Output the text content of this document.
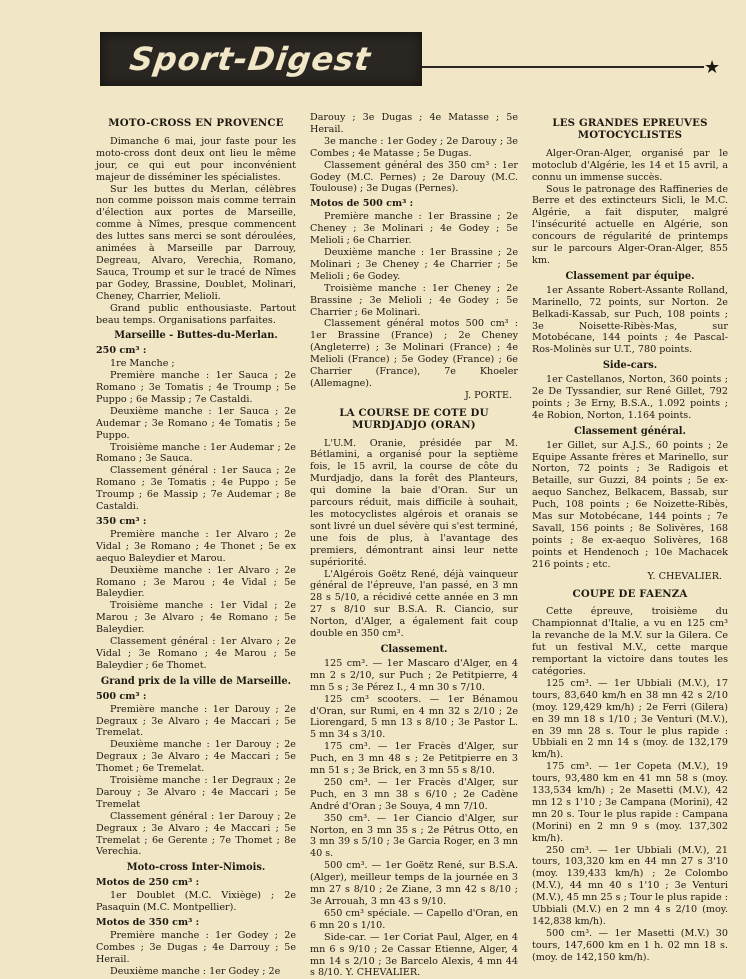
Sport-Digest	★
MOTO-CROSS EN PROVENCE

Dimanche 6 mai, jour faste pour les moto-cross dont deux ont lieu le même jour, ce qui eut pour inconvénient majeur de disséminer les spécialistes.

Sur les buttes du Merlan, célèbres non comme poisson mais comme terrain d'élection aux portes de Marseille, comme à Nîmes, presque commencent des luttes sans merci se sont déroulées, animées à Marseille par Darrouy, Degreau, Alvaro, Verechia, Romano, Sauca, Troump et sur le tracé de Nîmes par Godey, Brassine, Doublet, Molinari, Cheney, Charrier, Melioli.

Grand public enthousiaste. Partout beau temps. Organisations parfaites.

Marseille - Buttes-du-Merlan.
250 cm³ :

1re Manche ;

Première manche : 1er Sauca ; 2e Romano ; 3e Tomatis ; 4e Troump ; 5e Puppo ; 6e Massip ; 7e Castaldi.

Deuxième manche : 1er Sauca ; 2e Audemar ; 3e Romano ; 4e Tomatis ; 5e Puppo.

Troisième manche : 1er Audemar ; 2e Romano ; 3e Sauca.

Classement général : 1er Sauca ; 2e Romano ; 3e Tomatis ; 4e Puppo ; 5e Troump ; 6e Massip ; 7e Audemar ; 8e Castaldi.

350 cm³ :

Première manche : 1er Alvaro ; 2e Vidal ; 3e Romano ; 4e Thonet ; 5e ex aequo Baleydier et Marou.

Deuxième manche : 1er Alvaro ; 2e Romano ; 3e Marou ; 4e Vidal ; 5e Baleydier.

Troisième manche : 1er Vidal ; 2e Marou ; 3e Alvaro ; 4e Romano ; 5e Baleydier.

Classement général : 1er Alvaro ; 2e Vidal ; 3e Romano ; 4e Marou ; 5e Baleydier ; 6e Thomet.

Grand prix de la ville de Marseille.
500 cm³ :

Première manche : 1er Darouy ; 2e Degraux ; 3e Alvaro ; 4e Maccari ; 5e Tremelat.

Deuxième manche : 1er Darouy ; 2e Degraux ; 3e Alvaro ; 4e Maccari ; 5e Thomet ; 6e Tremelat.

Troisième manche : 1er Degraux ; 2e Darouy ; 3e Alvaro ; 4e Maccari ; 5e Tremelat

Classement général : 1er Darouy ; 2e Degraux ; 3e Alvaro ; 4e Maccari ; 5e Tremelat ; 6e Gerente ; 7e Thomet ; 8e Verechia.

Moto-cross Inter-Nimois.
Motos de 250 cm³ :

1er Doublet (M.C. Vixiège) ; 2e Pasaquin (M.C. Montpellier).

Motos de 350 cm³ :

Première manche : 1er Godey ; 2e Combes ; 3e Dugas ; 4e Darrouy ; 5e Herail.

Deuxième manche : 1er Godey ; 2e

Darouy ; 3e Dugas ; 4e Matasse ; 5e Herail.

3e manche : 1er Godey ; 2e Darouy ; 3e Combes ; 4e Matasse ; 5e Dugas.

Classement général des 350 cm³ : 1er Godey (M.C. Pernes) ; 2e Darouy (M.C. Toulouse) ; 3e Dugas (Pernes).

Motos de 500 cm³ :

Première manche : 1er Brassine ; 2e Cheney ; 3e Molinari ; 4e Godey ; 5e Melioli ; 6e Charrier.

Deuxième manche : 1er Brassine ; 2e Molinari ; 3e Cheney ; 4e Charrier ; 5e Melioli ; 6e Godey.

Troisième manche : 1er Cheney ; 2e Brassine ; 3e Melioli ; 4e Godey ; 5e Charrier ; 6e Molinari.

Classement général motos 500 cm³ : 1er Brassine (France) ; 2e Cheney (Angleterre) ; 3e Molinari (France) ; 4e Melioli (France) ; 5e Godey (France) ; 6e Charrier (France), 7e Khoeler (Allemagne).

J. PORTE.

LA COURSE DE COTE DU MURDJADJO (ORAN)

L'U.M. Oranie, présidée par M. Bétlamini, a organisé pour la septième fois, le 15 avril, la course de côte du Murdjadjo, dans la forêt des Planteurs, qui domine la baie d'Oran. Sur un parcours réduit, mais difficile à souhait, les motocyclistes algérois et oranais se sont livré un duel sévère qui s'est terminé, une fois de plus, à l'avantage des premiers, démontrant ainsi leur nette supériorité.

L'Algérois Goëtz René, déjà vainqueur général de l'épreuve, l'an passé, en 3 mn 28 s 5/10, a récidivé cette année en 3 mn 27 s 8/10 sur B.S.A. R. Ciancio, sur Norton, d'Alger, a également fait coup double en 350 cm³.

Classement.

125 cm³. — 1er Mascaro d'Alger, en 4 mn 2 s 2/10, sur Puch ; 2e Petitpierre, 4 mn 5 s ; 3e Pérez I., 4 mn 30 s 7/10.

125 cm³ scooters. — 1er Bénamou d'Oran, sur Rumi, en 4 mn 32 s 2/10 ; 2e Liorengard, 5 mn 13 s 8/10 ; 3e Pastor L. 5 mn 34 s 3/10.

175 cm³. — 1er Fracès d'Alger, sur Puch, en 3 mn 48 s ; 2e Petitpierre en 3 mn 51 s ; 3e Brick, en 3 mn 55 s 8/10.

250 cm³. — 1er Fracès d'Alger, sur Puch, en 3 mn 38 s 6/10 ; 2e Cadène André d'Oran ; 3e Souya, 4 mn 7/10.

350 cm³. — 1er Ciancio d'Alger, sur Norton, en 3 mn 35 s ; 2e Pétrus Otto, en 3 mn 39 s 5/10 ; 3e Garcia Roger, en 3 mn 40 s.

500 cm³. — 1er Goëtz René, sur B.S.A. (Alger), meilleur temps de la journée en 3 mn 27 s 8/10 ; 2e Ziane, 3 mn 42 s 8/10 ; 3e Arrouah, 3 mn 43 s 9/10.

650 cm³ spéciale. — Capello d'Oran, en 6 mn 20 s 1/10.

Side-car. — 1er Coriat Paul, Alger, en 4 mn 6 s 9/10 ; 2e Cassar Etienne, Alger, 4 mn 14 s 2/10 ; 3e Barcelo Alexis, 4 mn 44 s 8/10. Y. CHEVALIER.

LES GRANDES EPREUVES MOTOCYCLISTES

Alger-Oran-Alger, organisé par le motoclub d'Algérie, les 14 et 15 avril, a connu un immense succès.

Sous le patronage des Raffineries de Berre et des extincteurs Sicli, le M.C. Algérie, a fait disputer, malgré l'insécurité actuelle en Algérie, son concours de régularité de printemps sur le parcours Alger-Oran-Alger, 855 km.

Classement par équipe.

1er Assante Robert-Assante Rolland, Marinello, 72 points, sur Norton. 2e Belkadi-Kassab, sur Puch, 108 points ; 3e Noisette-Ribès-Mas, sur Motobécane, 144 points ; 4e Pascal-Ros-Molinès sur U.T., 780 points.

Side-cars.

1er Castellanos, Norton, 360 points ; 2e De Tyssandier, sur René Gillet, 792 points ; 3e Erny, B.S.A., 1.092 points ; 4e Robion, Norton, 1.164 points.

Classement général.

1er Gillet, sur A.J.S., 60 points ; 2e Equipe Assante frères et Marinello, sur Norton, 72 points ; 3e Radigois et Betaille, sur Guzzi, 84 points ; 5e ex-aequo Sanchez, Belkacem, Bassab, sur Puch, 108 points ; 6e Noizette-Ribès, Mas sur Motobécane, 144 points ; 7e Savall, 156 points ; 8e Solivères, 168 points ; 8e ex-aequo Solivères, 168 points et Hendenoch ; 10e Machacek 216 points ; etc.

Y. CHEVALIER.

COUPE DE FAENZA

Cette épreuve, troisième du Championnat d'Italie, a vu en 125 cm³ la revanche de la M.V. sur la Gilera. Ce fut un festival M.V., cette marque remportant la victoire dans toutes les catégories.

125 cm³. — 1er Ubbiali (M.V.), 17 tours, 83,640 km/h en 38 mn 42 s 2/10 (moy. 129,429 km/h) ; 2e Ferri (Gilera) en 39 mn 18 s 1/10 ; 3e Venturi (M.V.), en 39 mn 28 s. Tour le plus rapide : Ubbiali en 2 mn 14 s (moy. de 132,179 km/h).

175 cm³. — 1er Copeta (M.V.), 19 tours, 93,480 km en 41 mn 58 s (moy. 133,534 km/h) ; 2e Masetti (M.V.), 42 mn 12 s 1'10 ; 3e Campana (Morini), 42 mn 20 s. Tour le plus rapide : Campana (Morini) en 2 mn 9 s (moy. 137,302 km/h).

250 cm³. — 1er Ubbiali (M.V.), 21 tours, 103,320 km en 44 mn 27 s 3'10 (moy. 139,433 km/h) ; 2e Colombo (M.V.), 44 mn 40 s 1'10 ; 3e Venturi (M.V.), 45 mn 25 s ; Tour le plus rapide : Ubbiali (M.V.) en 2 mn 4 s 2/10 (moy. 142,838 km/h).

500 cm³. — 1er Masetti (M.V.) 30 tours, 147,600 km en 1 h. 02 mn 18 s. (moy. de 142,150 km/h).
